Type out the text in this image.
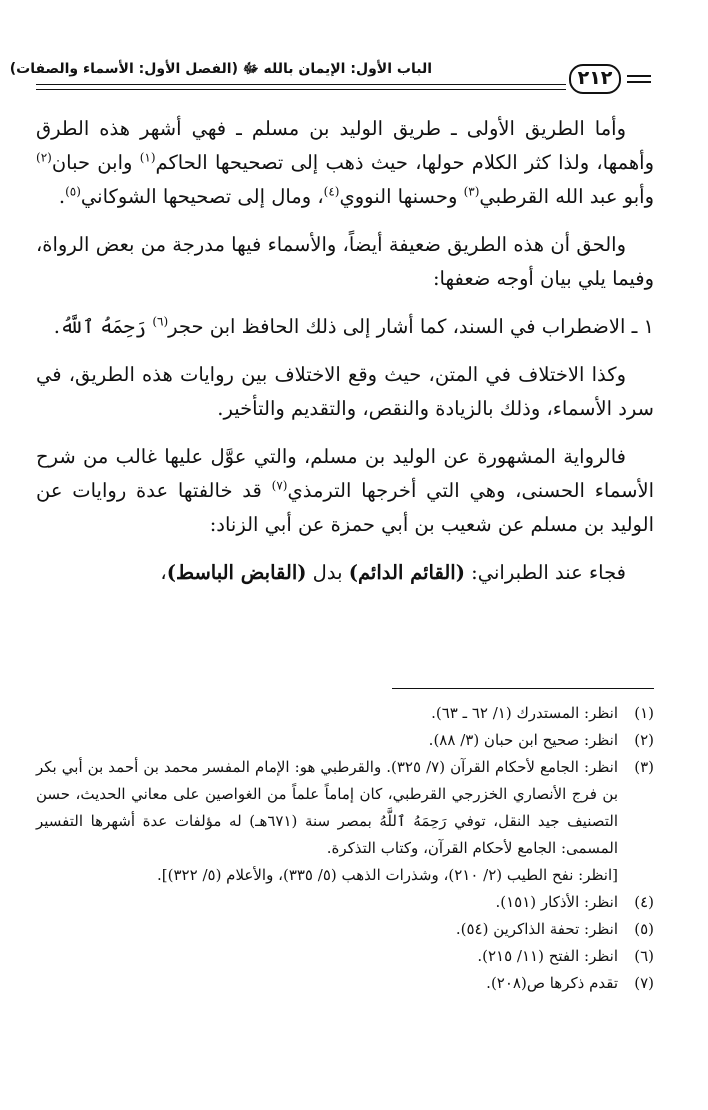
٢١٢
الباب الأول: الإيمان بالله ﷻ (الفصل الأول: الأسماء والصفات)

وأما الطريق الأولى ـ طريق الوليد بن مسلم ـ فهي أشهر هذه الطرق وأهمها، ولذا كثر الكلام حولها، حيث ذهب إلى تصحيحها الحاكم$^{(١)}$ وابن حبان$^{(٢)}$ وأبو عبد الله القرطبي$^{(٣)}$ وحسنها النووي$^{(٤)}$، ومال إلى تصحيحها الشوكاني$^{(٥)}$.

والحق أن هذه الطريق ضعيفة أيضاً، والأسماء فيها مدرجة من بعض الرواة، وفيما يلي بيان أوجه ضعفها:

١ ـ الاضطراب في السند، كما أشار إلى ذلك الحافظ ابن حجر$^{(٦)}$ رَحِمَهُ ٱللَّهُ.

وكذا الاختلاف في المتن، حيث وقع الاختلاف بين روايات هذه الطريق، في سرد الأسماء، وذلك بالزيادة والنقص، والتقديم والتأخير.

فالرواية المشهورة عن الوليد بن مسلم، والتي عوَّل عليها غالب من شرح الأسماء الحسنى، وهي التي أخرجها الترمذي$^{(٧)}$ قد خالفتها عدة روايات عن الوليد بن مسلم عن شعيب بن أبي حمزة عن أبي الزناد:

فجاء عند الطبراني: (القائم الدائم) بدل (القابض الباسط)،

(١)
انظر: المستدرك (١/ ٦٢ ـ ٦٣).
(٢)
انظر: صحيح ابن حبان (٣/ ٨٨).
(٣)
انظر: الجامع لأحكام القرآن (٧/ ٣٢٥). والقرطبي هو: الإمام المفسر محمد بن أحمد بن أبي بكر بن فرج الأنصاري الخزرجي القرطبي، كان إماماً علماً من الغواصين على معاني الحديث، حسن التصنيف جيد النقل، توفي رَحِمَهُ ٱللَّهُ بمصر سنة (٦٧١هـ) له مؤلفات عدة أشهرها التفسير المسمى: الجامع لأحكام القرآن، وكتاب التذكرة.
[انظر: نفح الطيب (٢/ ٢١٠)، وشذرات الذهب (٥/ ٣٣٥)، والأعلام (٥/ ٣٢٢)].
(٤)
انظر: الأذكار (١٥١).
(٥)
انظر: تحفة الذاكرين (٥٤).
(٦)
انظر: الفتح (١١/ ٢١٥).
(٧)
تقدم ذكرها ص(٢٠٨).
